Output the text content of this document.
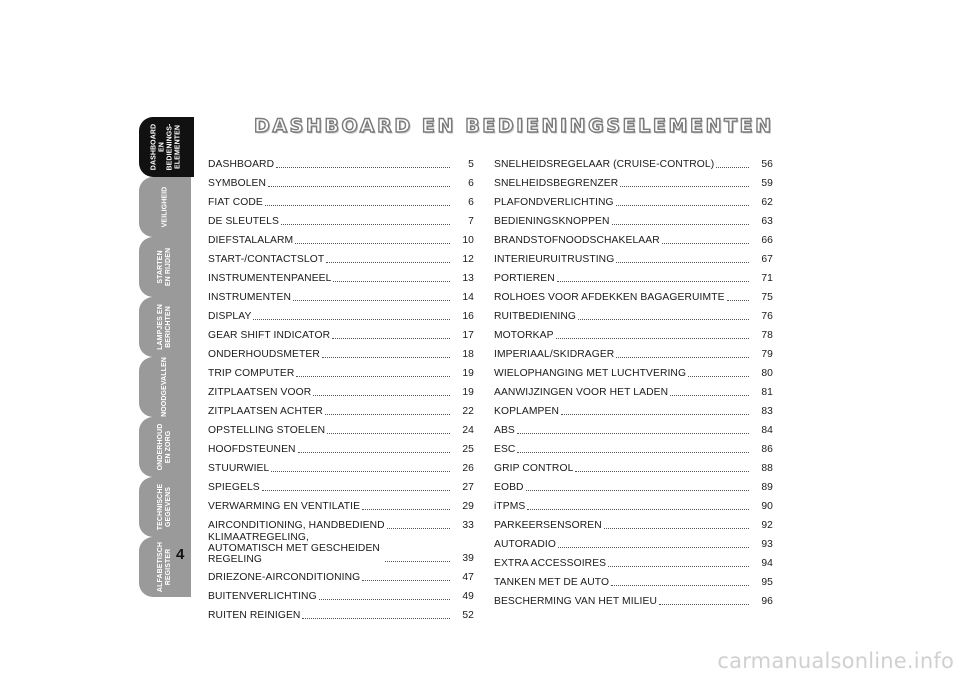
DASHBOARD EN BEDIENINGS- ELEMENTEN
VEILIGHEID
STARTEN EN RIJDEN
LAMPJES EN BERICHTEN
NOODGEVALLEN
ONDERHOUD EN ZORG
TECHNISCHE GEGEVENS
ALFABETISCH REGISTER 4
DASHBOARD EN BEDIENINGSELEMENTEN
DASHBOARD	5
SYMBOLEN	6
FIAT CODE	6
DE SLEUTELS	7
DIEFSTALALARM	10
START-/CONTACTSLOT	12
INSTRUMENTENPANEEL	13
INSTRUMENTEN	14
DISPLAY	16
GEAR SHIFT INDICATOR	17
ONDERHOUDSMETER	18
TRIP COMPUTER	19
ZITPLAATSEN VOOR	19
ZITPLAATSEN ACHTER	22
OPSTELLING STOELEN	24
HOOFDSTEUNEN	25
STUURWIEL	26
SPIEGELS	27
VERWARMING EN VENTILATIE	29
AIRCONDITIONING, HANDBEDIEND	33
KLIMAATREGELING, AUTOMATISCH MET GESCHEIDEN REGELING	39
DRIEZONE-AIRCONDITIONING	47
BUITENVERLICHTING	49
RUITEN REINIGEN	52
SNELHEIDSREGELAAR (CRUISE-CONTROL)	56
SNELHEIDSBEGRENZER	59
PLAFONDVERLICHTING	62
BEDIENINGSKNOPPEN	63
BRANDSTOFNOODSCHAKELAAR	66
INTERIEURUITRUSTING	67
PORTIEREN	71
ROLHOES VOOR AFDEKKEN BAGAGERUIMTE	75
RUITBEDIENING	76
MOTORKAP	78
IMPERIAAL/SKIDRAGER	79
WIELOPHANGING MET LUCHTVERING	80
AANWIJZINGEN VOOR HET LADEN	81
KOPLAMPEN	83
ABS	84
ESC	86
GRIP CONTROL	88
EOBD	89
iTPMS	90
PARKEERSENSOREN	92
AUTORADIO	93
EXTRA ACCESSOIRES	94
TANKEN MET DE AUTO	95
BESCHERMING VAN HET MILIEU	96
carmanualsonline.info
